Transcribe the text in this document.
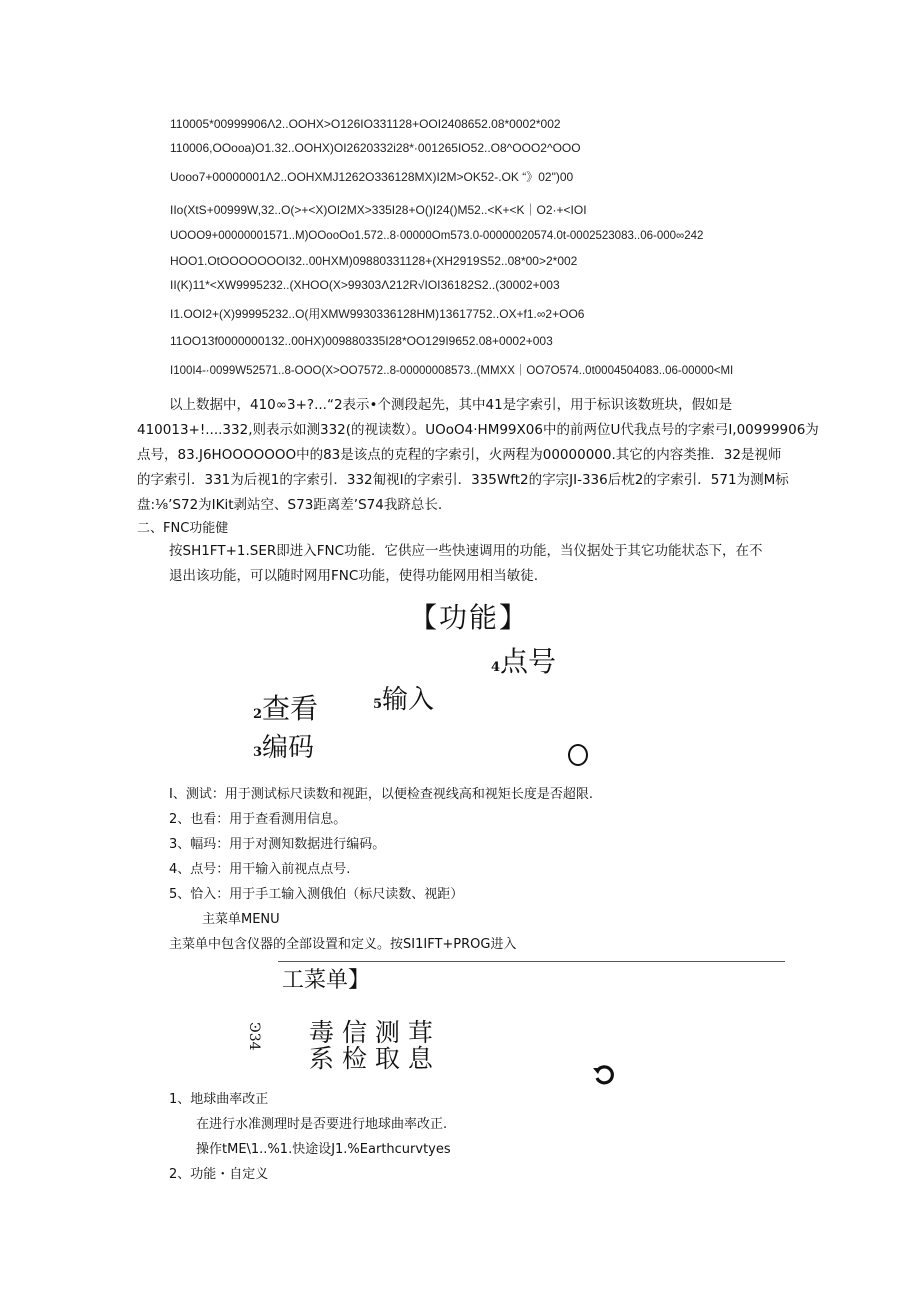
110005*00999906Λ2..OOHX>O126IO331128+OOI2408652.08*0002*002
110006,OOooa)O1.32..OOHX)OI2620332i28*·001265IO52..O8^OOO2^OOO
Uooo7+00000001Λ2..OOHXMJ1262O336128MX)I2M>OK52-.OK “》02")00
IIo(XtS+00999W,32..O(>+<X)OI2MX>335I28+O()I24()M52..<K+<K｜O2·+<IOI
UOOO9+00000001571..M)OOooOo1.572..8·00000Om573.0-00000020574.0t-0002523083..06-000∞242
HOO1.OtOOOOOOOI32..00HXM)09880331128+(XH2919S52..08*00>2*002
II(K)11*<XW9995232..(XHOO(X>99303Λ212R√IOI36182S2..(30002+003
I1.OOI2+(X)99995232..O(用XMW9930336128HM)13617752..OX+f1.∞2+OO6
11OO13f0000000132..00HX)009880335I28*OO129I9652.08+0002+003
I100I4-·0099W52571..8-OOO(X>OO7572..8-00000008573..(MMXX｜OO7O574..0t0004504083..06-00000<MI
以上数据中，410∞3+?...“2表示•个测段起先，其中41是字索引，用于标识该数班块，假如是
410013+!....332,则表示如测332(的视读数）。UOoO4·HM99X06中的前两位U代我点号的字索弓I,00999906为
点号，83.J6HOOOOOOO中的83是该点的克程的字索引，火两程为00000000.其它的内容类推．32是视师
的字索引．331为后视1的字索引．332匍视I的字索引．335Wft2的字宗JI-336后枕2的字索引．571为测M标
盘:⅛’S72为IKit剥站空、S73距离差’S74我跻总长.
二、FNC功能健
按SH1FT+1.SER即进入FNC功能．它供应一些快速调用的功能，当仪据处于其它功能状态下，在不
退出该功能，可以随时网用FNC功能，使得功能网用相当敏徒.
【功能】
4点号
2查看	5输入
3编码
I、测试：用于测试标尺读数和视距，以便检查视线高和视矩长度是否超限.
2、也看：用于查看测用信息。
3、幅玛：用于对测知数据进行编码。
4、点号：用干输入前视点点号.
5、恰入：用于手工输入测俄伯（标尺读数、视距）
主菜单MENU
主菜单中包含仪器的全部设置和定义。按SI1IFT+PROG进入
工菜单】
Ͽ34 毒 信 测 茸
系 检 取 息
1、地球曲率改正
在进行水准测理时是否要进行地球曲率改正.
操作tME\1..%1.快途设J1.%Earthcurvtyes
2、功能・自定义
